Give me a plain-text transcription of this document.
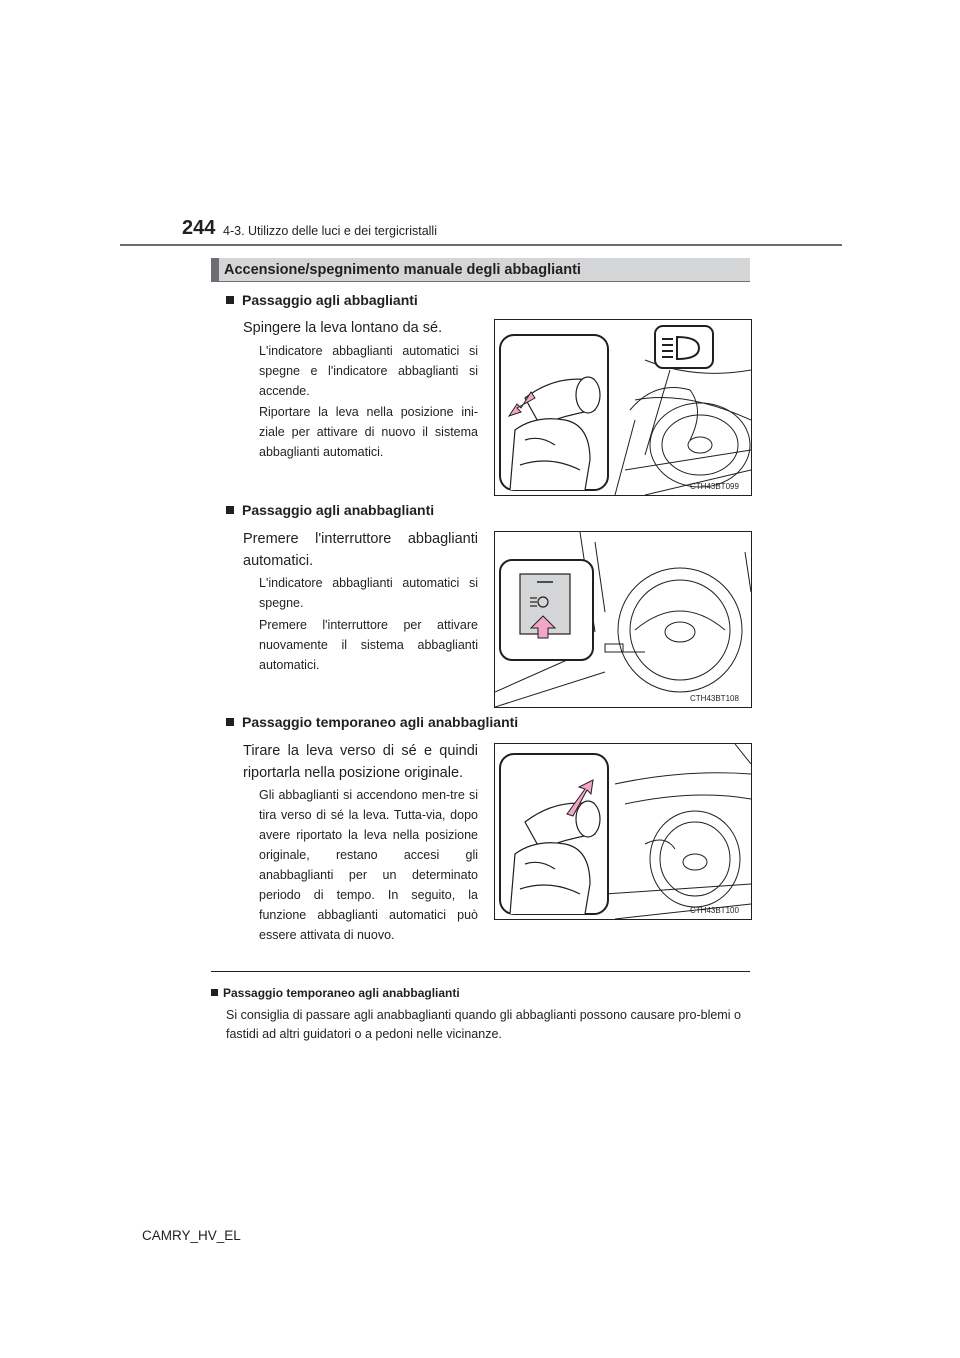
244 4-3. Utilizzo delle luci e dei tergicristalli
Accensione/spegnimento manuale degli abbaglianti
Passaggio agli abbaglianti
Spingere la leva lontano da sé.
L'indicatore abbaglianti automatici si spegne e l'indicatore abbaglianti si accende.
Riportare la leva nella posizione ini-ziale per attivare di nuovo il sistema abbaglianti automatici.
CTH43BT099
Passaggio agli anabbaglianti
Premere l'interruttore abbaglianti automatici.
L'indicatore abbaglianti automatici si spegne.
Premere l'interruttore per attivare nuovamente il sistema abbaglianti automatici.
CTH43BT108
Passaggio temporaneo agli anabbaglianti
Tirare la leva verso di sé e quindi riportarla nella posizione originale.
Gli abbaglianti si accendono men-tre si tira verso di sé la leva. Tutta-via, dopo avere riportato la leva nella posizione originale, restano accesi gli anabbaglianti per un determinato periodo di tempo. In seguito, la funzione abbaglianti automatici può essere attivata di nuovo.
CTH43BT100
Passaggio temporaneo agli anabbaglianti
Si consiglia di passare agli anabbaglianti quando gli abbaglianti possono causare pro-blemi o fastidi ad altri guidatori o a pedoni nelle vicinanze.
CAMRY_HV_EL
